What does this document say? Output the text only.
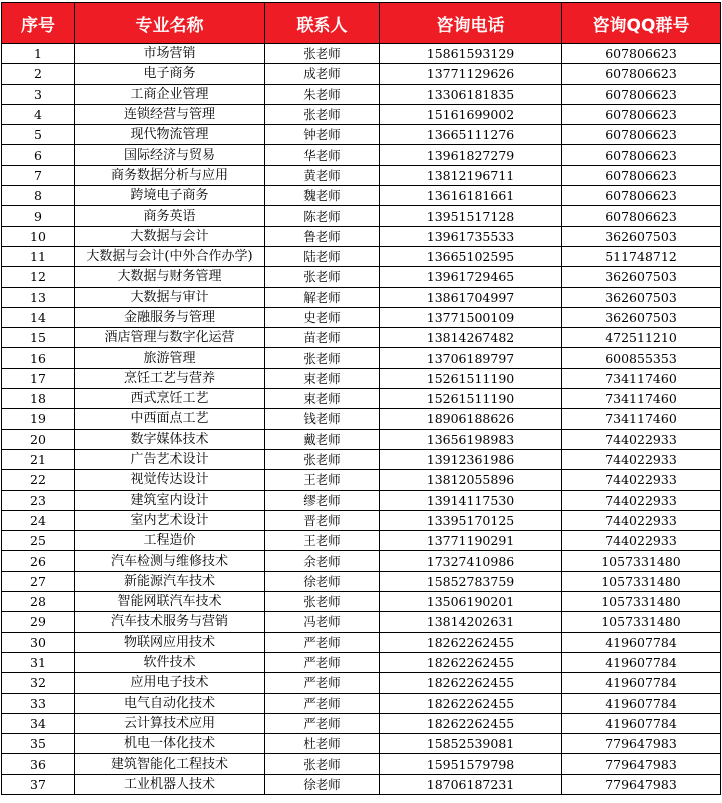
序号	专业名称	联系人	咨询电话	咨询QQ群号
1	市场营销	张老师	15861593129	607806623
2	电子商务	成老师	13771129626	607806623
3	工商企业管理	朱老师	13306181835	607806623
4	连锁经营与管理	张老师	15161699002	607806623
5	现代物流管理	钟老师	13665111276	607806623
6	国际经济与贸易	华老师	13961827279	607806623
7	商务数据分析与应用	黄老师	13812196711	607806623
8	跨境电子商务	魏老师	13616181661	607806623
9	商务英语	陈老师	13951517128	607806623
10	大数据与会计	鲁老师	13961735533	362607503
11	大数据与会计(中外合作办学)	陆老师	13665102595	511748712
12	大数据与财务管理	张老师	13961729465	362607503
13	大数据与审计	解老师	13861704997	362607503
14	金融服务与管理	史老师	13771500109	362607503
15	酒店管理与数字化运营	苗老师	13814267482	472511210
16	旅游管理	张老师	13706189797	600855353
17	烹饪工艺与营养	束老师	15261511190	734117460
18	西式烹饪工艺	束老师	15261511190	734117460
19	中西面点工艺	钱老师	18906188626	734117460
20	数字媒体技术	戴老师	13656198983	744022933
21	广告艺术设计	张老师	13912361986	744022933
22	视觉传达设计	王老师	13812055896	744022933
23	建筑室内设计	缪老师	13914117530	744022933
24	室内艺术设计	晋老师	13395170125	744022933
25	工程造价	王老师	13771190291	744022933
26	汽车检测与维修技术	余老师	17327410986	1057331480
27	新能源汽车技术	徐老师	15852783759	1057331480
28	智能网联汽车技术	张老师	13506190201	1057331480
29	汽车技术服务与营销	冯老师	13814202631	1057331480
30	物联网应用技术	严老师	18262262455	419607784
31	软件技术	严老师	18262262455	419607784
32	应用电子技术	严老师	18262262455	419607784
33	电气自动化技术	严老师	18262262455	419607784
34	云计算技术应用	严老师	18262262455	419607784
35	机电一体化技术	杜老师	15852539081	779647983
36	建筑智能化工程技术	张老师	15951579798	779647983
37	工业机器人技术	徐老师	18706187231	779647983
